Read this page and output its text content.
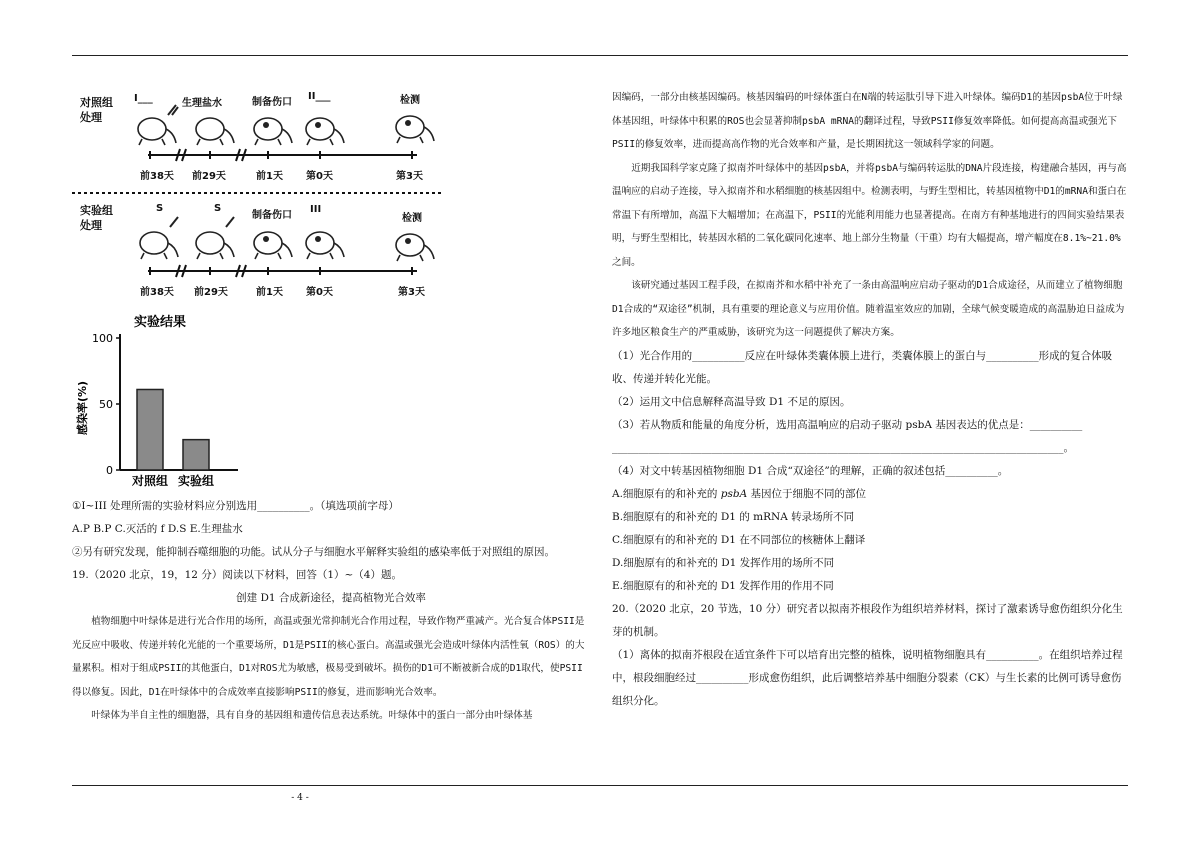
对照组
处理
实验组
处理
I___	生理盐水	制备伤口
II___	检测
S	S
制备伤口
III
检测
前38天 前29天	前1天 第0天	第3天
前38天 前29天	前1天 第0天	第3天
实验结果
感染率(%)
0
50
100
对照组 实验组

①I~III 处理所需的实验材料应分别选用__________。（填选项前字母）

A.P B.P C.灭活的 f D.S E.生理盐水

②另有研究发现，能抑制吞噬细胞的功能。试从分子与细胞水平解释实验组的感染率低于对照组的原因。

19.（2020 北京，19，12 分）阅读以下材料，回答（1）~（4）题。

创建 D1 合成新途径，提高植物光合效率

植物细胞中叶绿体是进行光合作用的场所，高温或强光常抑制光合作用过程，导致作物严重减产。光合复合体PSII是光反应中吸收、传递并转化光能的一个重要场所，D1是PSII的核心蛋白。高温或强光会造成叶绿体内活性氧（ROS）的大量累积。相对于组成PSII的其他蛋白，D1对ROS尤为敏感，极易受到破坏。损伤的D1可不断被新合成的D1取代，使PSII得以修复。因此，D1在叶绿体中的合成效率直接影响PSII的修复，进而影响光合效率。

叶绿体为半自主性的细胞器，具有自身的基因组和遗传信息表达系统。叶绿体中的蛋白一部分由叶绿体基

因编码，一部分由核基因编码。核基因编码的叶绿体蛋白在N端的转运肽引导下进入叶绿体。编码D1的基因psbA位于叶绿体基因组，叶绿体中积累的ROS也会显著抑制psbA mRNA的翻译过程，导致PSII修复效率降低。如何提高高温或强光下PSII的修复效率，进而提高高作物的光合效率和产量，是长期困扰这一领域科学家的问题。

近期我国科学家克隆了拟南芥叶绿体中的基因psbA，并将psbA与编码转运肽的DNA片段连接，构建融合基因，再与高温响应的启动子连接，导入拟南芥和水稻细胞的核基因组中。检测表明，与野生型相比，转基因植物中D1的mRNA和蛋白在常温下有所增加，高温下大幅增加；在高温下，PSII的光能利用能力也显著提高。在南方有种基地进行的四间实验结果表明，与野生型相比，转基因水稻的二氧化碳同化速率、地上部分生物量（干重）均有大幅提高，增产幅度在8.1%~21.0%之间。

该研究通过基因工程手段，在拟南芥和水稻中补充了一条由高温响应启动子驱动的D1合成途径，从而建立了植物细胞D1合成的“双途径”机制，具有重要的理论意义与应用价值。随着温室效应的加剧，全球气候变暖造成的高温胁迫日益成为许多地区粮食生产的严重威胁，该研究为这一问题提供了解决方案。

（1）光合作用的__________反应在叶绿体类囊体膜上进行，类囊体膜上的蛋白与__________形成的复合体吸收、传递并转化光能。

（2）运用文中信息解释高温导致 D1 不足的原因。

（3）若从物质和能量的角度分析，选用高温响应的启动子驱动 psbA 基因表达的优点是：__________

______________________________________________________________________________________。

（4）对文中转基因植物细胞 D1 合成“双途径”的理解，正确的叙述包括__________。

A.细胞原有的和补充的 psbA 基因位于细胞不同的部位

B.细胞原有的和补充的 D1 的 mRNA 转录场所不同

C.细胞原有的和补充的 D1 在不同部位的核糖体上翻译

D.细胞原有的和补充的 D1 发挥作用的场所不同

E.细胞原有的和补充的 D1 发挥作用的作用不同

20.（2020 北京，20 节选，10 分）研究者以拟南芥根段作为组织培养材料，探讨了激素诱导愈伤组织分化生芽的机制。

（1）离体的拟南芥根段在适宜条件下可以培育出完整的植株，说明植物细胞具有__________。在组织培养过程中，根段细胞经过__________形成愈伤组织，此后调整培养基中细胞分裂素（CK）与生长素的比例可诱导愈伤组织分化。

- 4 -
